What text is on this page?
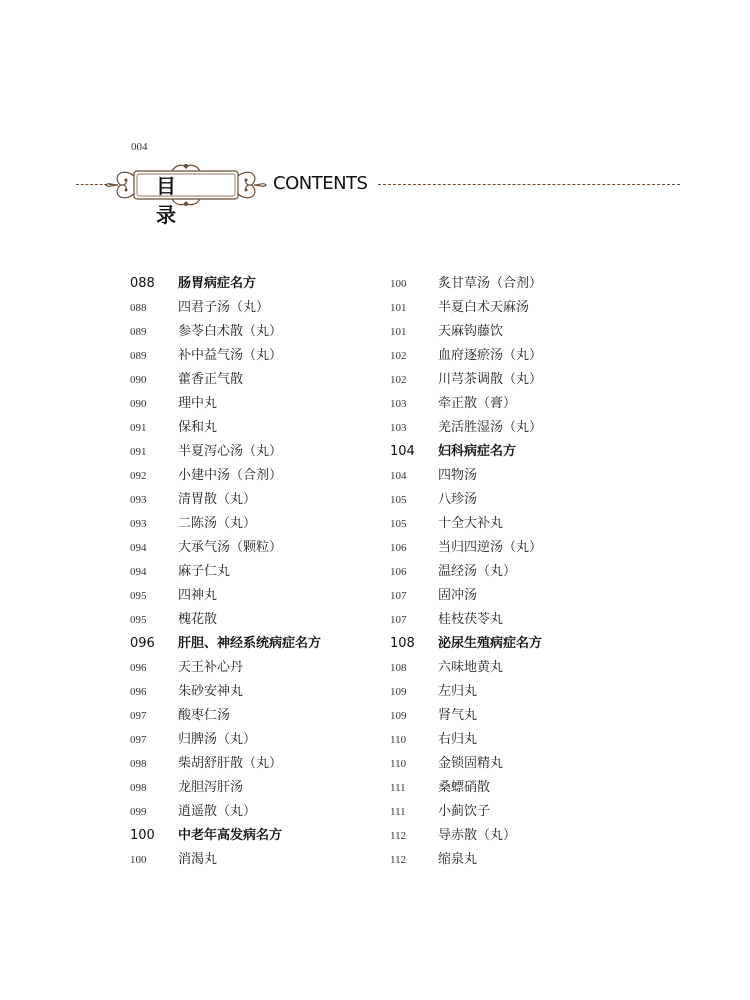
004
目 录
CONTENTS
088 肠胃病症名方
088 四君子汤（丸）
089 参苓白术散（丸）
089 补中益气汤（丸）
090 藿香正气散
090 理中丸
091 保和丸
091 半夏泻心汤（丸）
092 小建中汤（合剂）
093 清胃散（丸）
093 二陈汤（丸）
094 大承气汤（颗粒）
094 麻子仁丸
095 四神丸
095 槐花散
096 肝胆、神经系统病症名方
096 天王补心丹
096 朱砂安神丸
097 酸枣仁汤
097 归脾汤（丸）
098 柴胡舒肝散（丸）
098 龙胆泻肝汤
099 逍遥散（丸）
100 中老年高发病名方
100 消渴丸
100 炙甘草汤（合剂）
101 半夏白术天麻汤
101 天麻钩藤饮
102 血府逐瘀汤（丸）
102 川芎茶调散（丸）
103 牵正散（膏）
103 羌活胜湿汤（丸）
104 妇科病症名方
104 四物汤
105 八珍汤
105 十全大补丸
106 当归四逆汤（丸）
106 温经汤（丸）
107 固冲汤
107 桂枝茯苓丸
108 泌尿生殖病症名方
108 六味地黄丸
109 左归丸
109 肾气丸
110 右归丸
110 金锁固精丸
111 桑螵硝散
111 小蓟饮子
112 导赤散（丸）
112 缩泉丸
